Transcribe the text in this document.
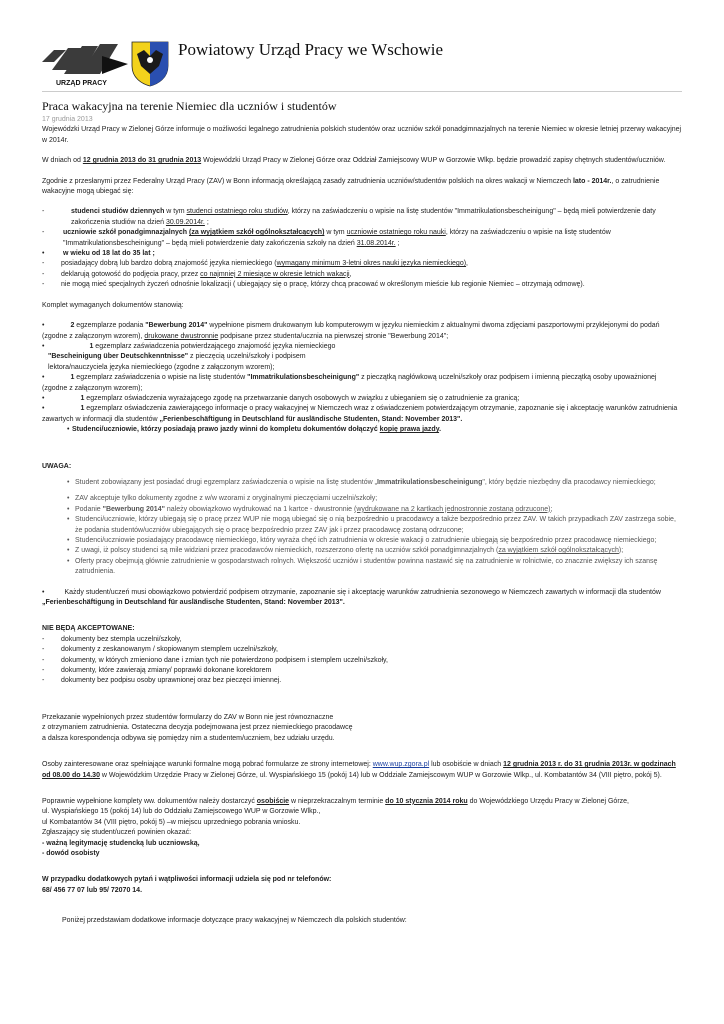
URZĄD PRACY
Powiatowy Urząd Pracy we Wschowie
Praca wakacyjna na terenie Niemiec dla uczniów i studentów
17 grudnia 2013

Wojewódzki Urząd Pracy w Zielonej Górze informuje o możliwości legalnego zatrudnienia polskich studentów oraz uczniów szkół ponadgimnazjalnych na terenie Niemiec w okresie letniej przerwy wakacyjnej w 2014r.

W dniach od 12 grudnia 2013 do 31 grudnia 2013 Wojewódzki Urząd Pracy w Zielonej Górze oraz Oddział Zamiejscowy WUP w Gorzowie Wlkp. będzie prowadzić zapisy chętnych studentów/uczniów.

Zgodnie z przesłanymi przez Federalny Urząd Pracy (ZAV) w Bonn informacją określającą zasady zatrudnienia uczniów/studentów polskich na okres wakacji w Niemczech lato - 2014r., o zatrudnienie wakacyjne mogą ubiegać się:

-	studenci studiów dziennych w tym studenci ostatniego roku studiów, którzy na zaświadczeniu o wpisie na listę studentów "Immatrikulationsbescheinigung" – będą mieli potwierdzenie daty zakończenia studiów na dzień 30.09.2014r. ;
-	uczniowie szkół ponadgimnazjalnych (za wyjątkiem szkół ogólnokształcących) w tym uczniowie ostatniego roku nauki, którzy na zaświadczeniu o wpisie na listę studentów "Immatrikulationsbescheinigung" – będą mieli potwierdzenie daty zakończenia szkoły na dzień 31.08.2014r. ;
•	w wieku od 18 lat do 35 lat ;
-	posiadający dobrą lub bardzo dobrą znajomość języka niemieckiego (wymagany minimum 3-letni okres nauki języka niemieckiego),
-	deklarują gotowość do podjęcia pracy, przez co najmniej 2 miesiące w okresie letnich wakacji,
-	nie mogą mieć specjalnych życzeń odnośnie lokalizacji ( ubiegający się o pracę, którzy chcą pracować w określonym mieście lub regionie Niemiec – otrzymają odmowę).

Komplet wymaganych dokumentów stanowią:

•	2 egzemplarze podania "Bewerbung 2014" wypełnione pismem drukowanym lub komputerowym w języku niemieckim z aktualnymi dwoma zdjęciami paszportowymi przyklejonymi do podań (zgodne z załączonym wzorem), drukowane dwustronnie podpisane przez studenta/ucznia na pierwszej stronie "Bewerbung 2014";
•	1 egzemplarz zaświadczenia potwierdzającego znajomość języka niemieckiego
"Bescheinigung über Deutschkenntnisse" z pieczęcią uczelni/szkoły i podpisem
lektora/nauczyciela języka niemieckiego (zgodne z załączonym wzorem);
•	1 egzemplarz zaświadczenia o wpisie na listę studentów "Immatrikulationsbescheinigung" z pieczątką nagłówkową uczelni/szkoły oraz podpisem i imienną pieczątką osoby upoważnionej (zgodne z załączonym wzorem);
•	1 egzemplarz oświadczenia wyrażającego zgodę na przetwarzanie danych osobowych w związku z ubieganiem się o zatrudnienie za granicą;
•	1 egzemplarz oświadczenia zawierającego informacje o pracy wakacyjnej w Niemczech wraz z oświadczeniem potwierdzającym otrzymanie, zapoznanie się i akceptację warunków zatrudnienia zawartych w informacji dla studentów „Ferienbeschäftigung in Deutschland für ausländische Studenten, Stand: November 2013".
• Studenci/uczniowie, którzy posiadają prawo jazdy winni do kompletu dokumentów dołączyć kopię prawa jazdy.

UWAGA:

• Student zobowiązany jest posiadać drugi egzemplarz zaświadczenia o wpisie na listę studentów „Immatrikulationsbescheinigung", który będzie niezbędny dla pracodawcy niemieckiego;
• ZAV akceptuje tylko dokumenty zgodne z w/w wzorami z oryginalnymi pieczęciami uczelni/szkoły;
• Podanie "Bewerbung 2014" należy obowiązkowo wydrukować na 1 kartce - dwustronnie (wydrukowane na 2 kartkach jednostronnie zostaną odrzucone);
• Studenci/uczniowie, którzy ubiegają się o pracę przez WUP nie mogą ubiegać się o nią bezpośrednio u pracodawcy a także bezpośrednio przez ZAV. W takich przypadkach ZAV zastrzega sobie, że podania studentów/uczniów ubiegających się o pracę bezpośrednio przez ZAV jak i przez pracodawcę zostaną odrzucone;
• Studenci/uczniowie posiadający pracodawcę niemieckiego, który wyraża chęć ich zatrudnienia w okresie wakacji o zatrudnienie ubiegają się bezpośrednio przez pracodawcę niemieckiego;
• Z uwagi, iż polscy studenci są mile widziani przez pracodawców niemieckich, rozszerzono ofertę na uczniów szkół ponadgimnazjalnych (za wyjątkiem szkół ogólnokształcących);
• Oferty pracy obejmują głównie zatrudnienie w gospodarstwach rolnych. Większość uczniów i studentów powinna nastawić się na zatrudnienie w rolnictwie, co znacznie zwiększy ich szansę zatrudnienia.
•	Każdy student/uczeń musi obowiązkowo potwierdzić podpisem otrzymanie, zapoznanie się i akceptację warunków zatrudnienia sezonowego w Niemczech zawartych w informacji dla studentów „Ferienbeschäftigung in Deutschland für ausländische Studenten, Stand: November 2013".

NIE BĘDĄ AKCEPTOWANE:

-	dokumenty bez stempla uczelni/szkoły,
-	dokumenty z zeskanowanym / skopiowanym stemplem uczelni/szkoły,
-	dokumenty, w których zmieniono dane i zmian tych nie potwierdzono podpisem i stemplem uczelni/szkoły,
-	dokumenty, które zawierają zmiany/ poprawki dokonane korektorem
-	dokumenty bez podpisu osoby uprawnionej oraz bez pieczęci imiennej.

Przekazanie wypełnionych przez studentów formularzy do ZAV w Bonn nie jest równoznaczne

z otrzymaniem zatrudnienia. Ostateczna decyzja podejmowana jest przez niemieckiego pracodawcę

a dalsza korespondencja odbywa się pomiędzy nim a studentem/uczniem, bez udziału urzędu.

Osoby zainteresowane oraz spełniające warunki formalne mogą pobrać formularze ze strony internetowej: www.wup.zgora.pl lub osobiście w dniach 12 grudnia 2013 r. do 31 grudnia 2013r. w godzinach od 08.00 do 14.30 w Wojewódzkim Urzędzie Pracy w Zielonej Górze, ul. Wyspiańskiego 15 (pokój 14) lub w Oddziale Zamiejscowym WUP w Gorzowie Wlkp., ul. Kombatantów 34 (VIII piętro, pokój 5).

Poprawnie wypełnione komplety ww. dokumentów należy dostarczyć osobiście w nieprzekraczalnym terminie do 10 stycznia 2014 roku do Wojewódzkiego Urzędu Pracy w Zielonej Górze,

ul. Wyspiańskiego 15 (pokój 14) lub do Oddziału Zamiejscowego WUP w Gorzowie Wlkp.,

ul Kombatantów 34 (VIII piętro, pokój 5) –w miejscu uprzedniego pobrania wniosku.

Zgłaszający się student/uczeń powinien okazać:

- ważną legitymację studencką lub uczniowską,

- dowód osobisty

W przypadku dodatkowych pytań i wątpliwości informacji udziela się pod nr telefonów:

68/ 456 77 07 lub 95/ 72070 14.

Poniżej przedstawiam dodatkowe informacje dotyczące pracy wakacyjnej w Niemczech dla polskich studentów:
